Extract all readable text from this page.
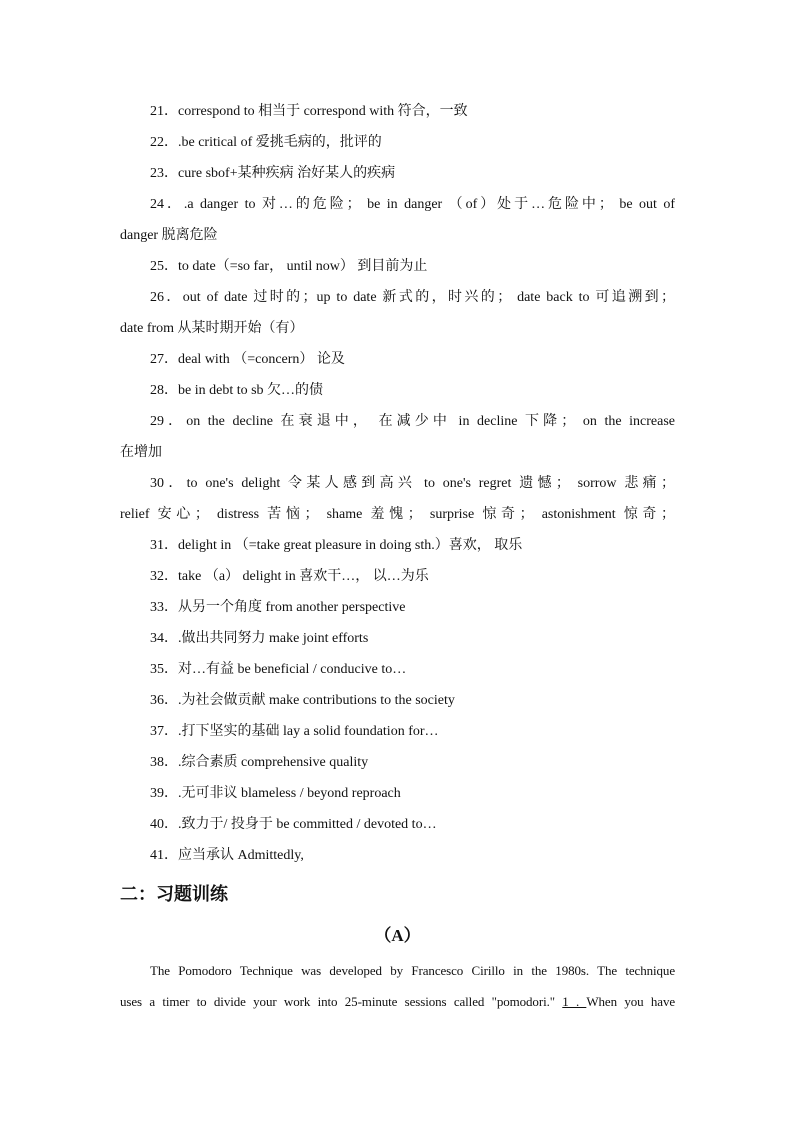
21．correspond to 相当于 correspond with 符合，一致
22．.be critical of 爱挑毛病的，批评的
23．cure sbof+某种疾病 治好某人的疾病
24．.a danger to 对…的危险； be in danger （of）处于…危险中； be out of
danger 脱离危险
25．to date（=so far， until now） 到目前为止
26．out of date 过时的；up to date 新式的，时兴的； date back to 可追溯到；
date from 从某时期开始（有）
27．deal with （=concern） 论及
28．be in debt to sb 欠…的债
29．on the decline 在衰退中， 在减少中 in decline 下降； on the increase
在增加
30．to one's delight 令某人感到高兴 to one's regret 遗憾； sorrow 悲痛；
relief 安心； distress 苦恼； shame 羞愧； surprise 惊奇； astonishment 惊奇；
31．delight in （=take great pleasure in doing sth.）喜欢， 取乐
32．take （a） delight in 喜欢干…， 以…为乐
33．从另一个角度 from another perspective
34．.做出共同努力 make joint efforts
35．对…有益 be beneficial / conducive to…
36．.为社会做贡献 make contributions to the society
37．.打下坚实的基础 lay a solid foundation for…
38．.综合素质 comprehensive quality
39．.无可非议 blameless / beyond reproach
40．.致力于/ 投身于 be committed / devoted to…
41．应当承认 Admittedly,
二：习题训练
（A）
The Pomodoro Technique was developed by Francesco Cirillo in the 1980s. The technique
uses a timer to divide your work into 25-minute sessions called "pomodori." 1 . When you have
